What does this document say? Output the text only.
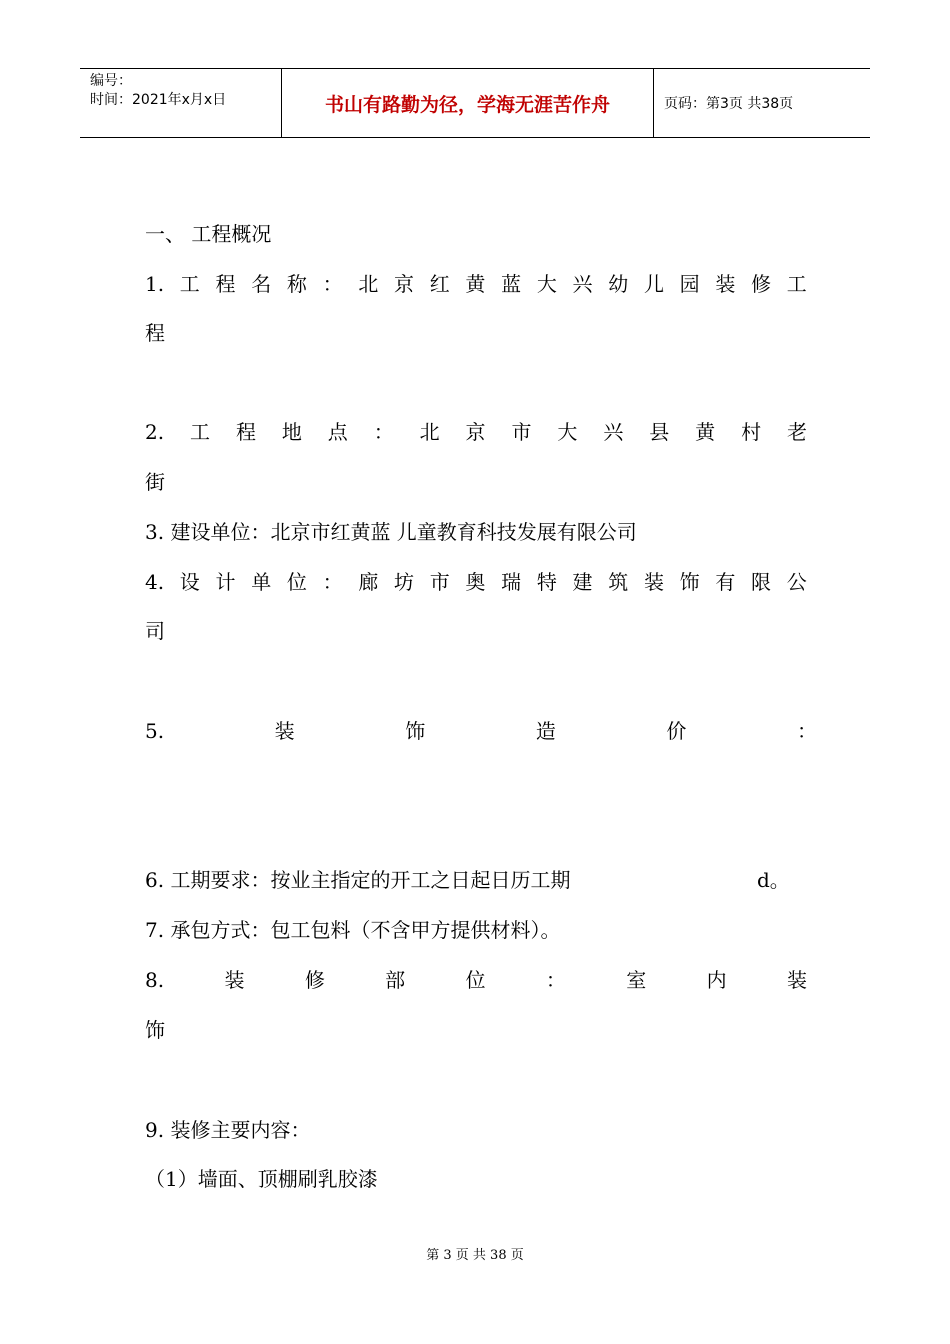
编号：
时间：2021年x月x日	书山有路勤为径，学海无涯苦作舟	页码：第3页 共38页
一、 工程概况
1. 工 程 名 称 ： 北 京 红 黄 蓝 大 兴 幼 儿 园 装 修 工
程
2. 工 程 地 点 ： 北 京 市 大 兴 县 黄 村 老
街
3. 建设单位：北京市红黄蓝 儿童教育科技发展有限公司
4. 设 计 单 位 ： 廊 坊 市 奥 瑞 特 建 筑 装 饰 有 限 公
司
5.	装	饰	造	价	：
6. 工期要求：按业主指定的开工之日起日历工期	d。
7. 承包方式：包工包料（不含甲方提供材料）。
8.	装	修	部	位	：	室	内	装
饰
9. 装修主要内容：
（1）墙面、顶棚刷乳胶漆
第 3 页 共 38 页
